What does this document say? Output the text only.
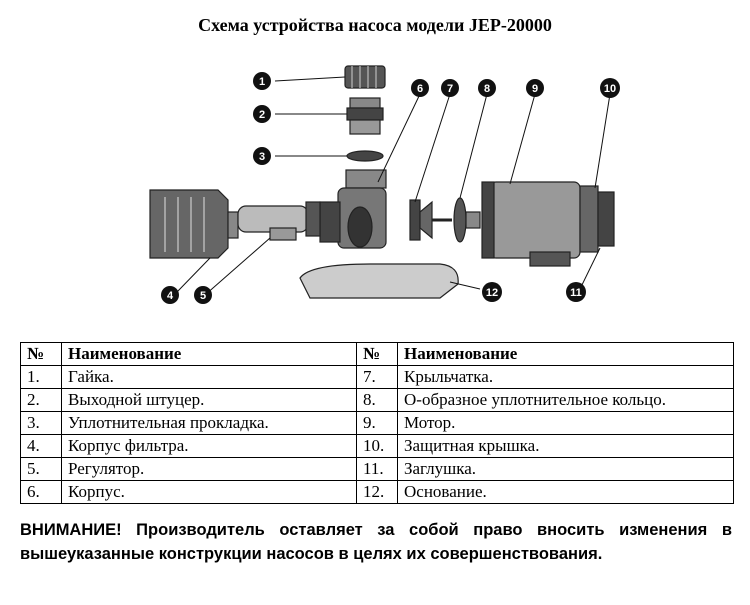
Схема устройства насоса модели JEP-20000
1
2
3
6 7	8	9	10
4 5	12	11
№	Наименование	№	Наименование
1.	Гайка.	7.	Крыльчатка.
2.	Выходной штуцер.	8.	О-образное уплотнительное кольцо.
3.	Уплотнительная прокладка.	9.	Мотор.
4.	Корпус фильтра.	10.	Защитная крышка.
5.	Регулятор.	11.	Заглушка.
6.	Корпус.	12.	Основание.
ВНИМАНИЕ! Производитель оставляет за собой право вносить изменения в вышеуказанные конструкции насосов в целях их совершенствования.
